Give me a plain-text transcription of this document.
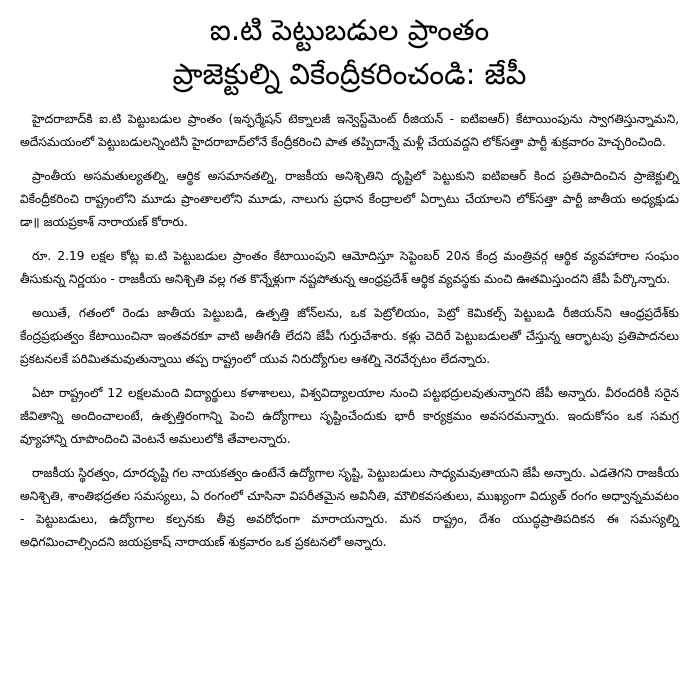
ఐ.టి పెట్టుబడుల ప్రాంతం
ప్రాజెక్టుల్ని వికేంద్రీకరించండి: జేపీ

హైదరాబాద్‌కి ఐ.టి పెట్టుబడుల ప్రాంతం (ఇన్ఫర్మేషన్ టెక్నాలజీ ఇన్వెస్ట్‌మెంట్ రీజియన్ - ఐటిఐఆర్) కేటాయింపును స్వాగతిస్తున్నామని, అదేసమయంలో పెట్టుబడులన్నింటినీ హైదరాబాద్‌లోనే కేంద్రీకరించి పాత తప్పిదాన్నే మళ్లీ చేయవద్దని లోక్‌సత్తా పార్టీ శుక్రవారం హెచ్చరించింది.

ప్రాంతీయ అసమతుల్యతల్ని, ఆర్థిక అసమానతల్ని, రాజకీయ అనిశ్చితిని దృష్టిలో పెట్టుకుని ఐటిఐఆర్ కింద ప్రతిపాదించిన ప్రాజెక్టుల్ని వికేంద్రీకరించి రాష్ట్రంలోని మూడు ప్రాంతాలలోని మూడు, నాలుగు ప్రధాన కేంద్రాలలో ఏర్పాటు చేయాలని లోక్‌సత్తా పార్టీ జాతీయ అధ్యక్షుడు డా॥ జయప్రకాశ్ నారాయణ్ కోరారు.

రూ. 2.19 లక్షల కోట్ల ఐ.టి పెట్టుబడుల ప్రాంతం కేటాయింపుని ఆమోదిస్తూ సెప్టెంబర్ 20న కేంద్ర మంత్రివర్గ ఆర్థిక వ్యవహారాల సంఘం తీసుకున్న నిర్ణయం - రాజకీయ అనిశ్చితి వల్ల గత కొన్నేళ్లుగా నష్టపోతున్న ఆంధ్రప్రదేశ్ ఆర్థిక వ్యవస్థకు మంచి ఊతమిస్తుందని జేపీ పేర్కొన్నారు.

అయితే, గతంలో రెండు జాతీయ పెట్టుబడి, ఉత్పత్తి జోన్‌లను, ఒక పెట్రోలియం, పెట్రో కెమికల్స్ పెట్టుబడి రీజియన్‌ని ఆంధ్రప్రదేశ్‌కు కేంద్రప్రభుత్వం కేటాయించినా ఇంతవరకూ వాటి అతీగతీ లేదని జేపీ గుర్తుచేశారు. కళ్లు చెదిరే పెట్టుబడులతో చేస్తున్న ఆర్భాటపు ప్రతిపాదనలు ప్రకటనలకే పరిమితమవుతున్నాయి తప్ప రాష్ట్రంలో యువ నిరుద్యోగుల ఆశల్ని నెరవేర్చటం లేదన్నారు.

ఏటా రాష్ట్రంలో 12 లక్షలమంది విద్యార్థులు కళాశాలలు, విశ్వవిద్యాలయాల నుంచి పట్టభద్రులవుతున్నారని జేపీ అన్నారు. వీరందరికీ సరైన జీవితాన్ని అందించాలంటే, ఉత్పత్తిరంగాన్ని పెంచి ఉద్యోగాలు సృష్టించేందుకు భారీ కార్యక్రమం అవసరమన్నారు. ఇందుకోసం ఒక సమగ్ర వ్యూహాన్ని రూపొందించి వెంటనే అమలులోకి తేవాలన్నారు.

రాజకీయ స్థిరత్వం, దూరదృష్టి గల నాయకత్వం ఉంటేనే ఉద్యోగాల సృష్టి, పెట్టుబడులు సాధ్యమవుతాయని జేపీ అన్నారు. ఎడతెగని రాజకీయ అనిశ్చితి, శాంతిభద్రతల సమస్యలు, ఏ రంగంలో చూసినా విపరీతమైన అవినీతి, మౌలికవసతులు, ముఖ్యంగా విద్యుత్ రంగం అధ్వాన్నమవటం - పెట్టుబడులు, ఉద్యోగాల కల్పనకు తీవ్ర అవరోధంగా మారాయన్నారు. మన రాష్ట్రం, దేశం యుద్ధప్రాతిపదికన ఈ సమస్యల్ని అధిగమించాల్సిందని జయప్రకాష్ నారాయణ్ శుక్రవారం ఒక ప్రకటనలో అన్నారు.
